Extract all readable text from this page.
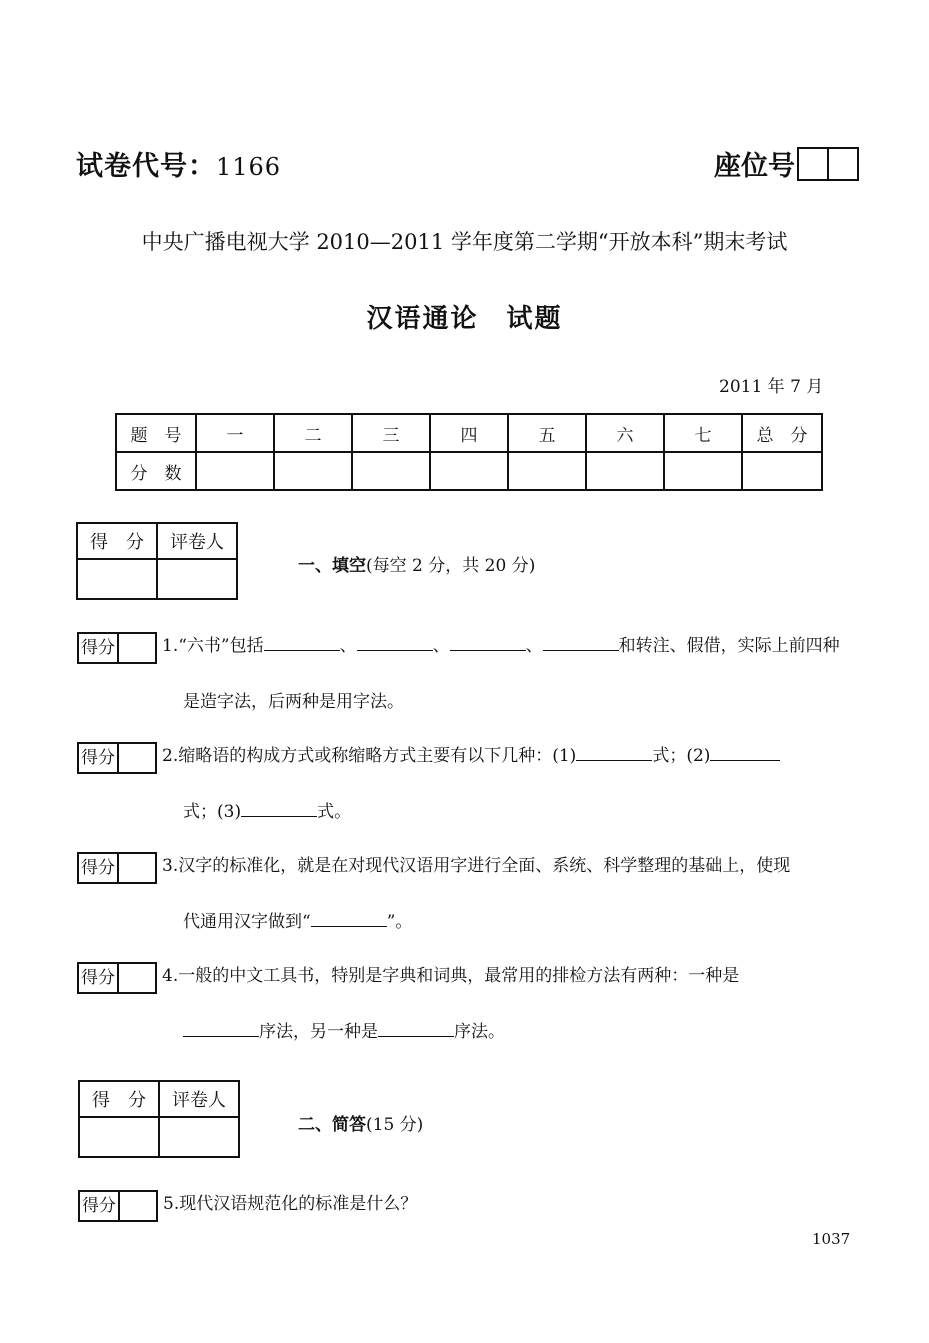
试卷代号：1166	座位号
中央广播电视大学 2010—2011 学年度第二学期“开放本科”期末考试
汉语通论　试题
2011 年 7 月
题　号	一	二	三	四	五	六	七	总　分
分　数								
得　分	评卷人

一、填空(每空 2 分，共 20 分)
得分	1.“六书”包括	、	、	、	和转注、假借，实际上前四种
是造字法，后两种是用字法。
得分	2.缩略语的构成方式或称缩略方式主要有以下几种：(1)	式；(2)
式；(3)	式。
得分	3.汉字的标准化，就是在对现代汉语用字进行全面、系统、科学整理的基础上，使现
代通用汉字做到“	”。
得分	4.一般的中文工具书，特别是字典和词典，最常用的排检方法有两种：一种是
序法，另一种是	序法。
得　分	评卷人

二、简答(15 分)
得分	5.现代汉语规范化的标准是什么？
1037
